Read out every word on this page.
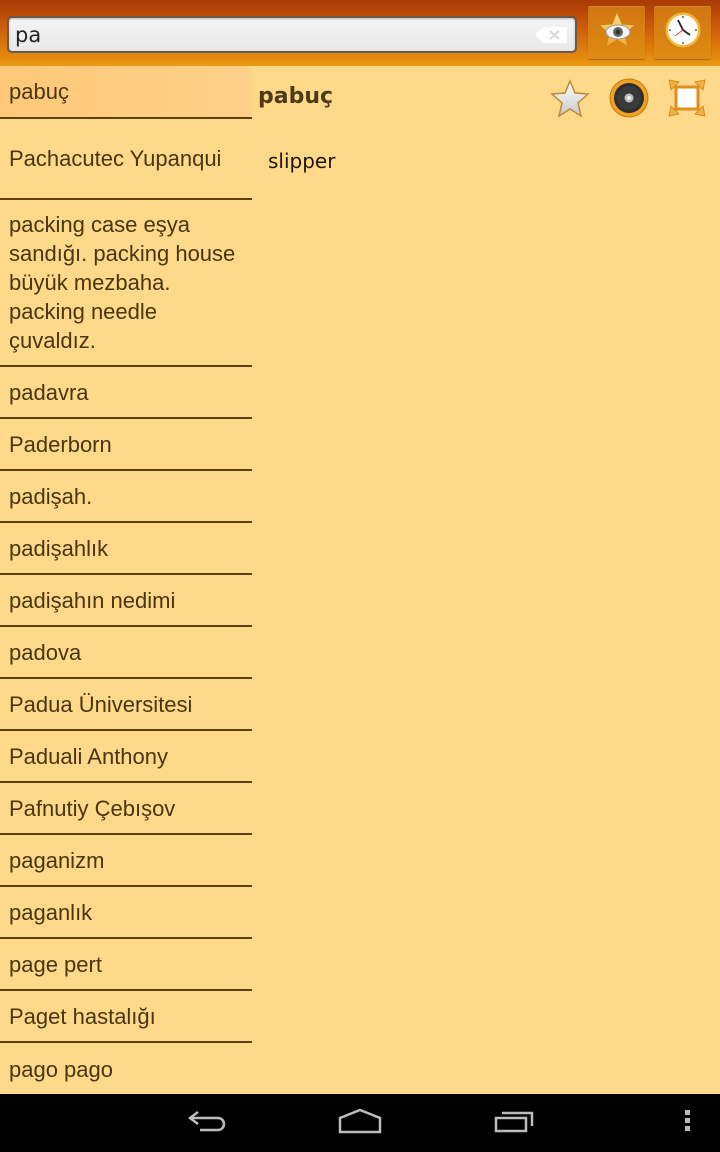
pa
pabuç
Pachacutec Yupanqui
packing case eşya sandığı. packing house büyük mezbaha. packing needle çuvaldız.
padavra
Paderborn
padişah.
padişahlık
padişahın nedimi
padova
Padua Üniversitesi
Paduali Anthony
Pafnutiy Çebışov
paganizm
paganlık
page pert
Paget hastalığı
pago pago
pabuç
slipper
